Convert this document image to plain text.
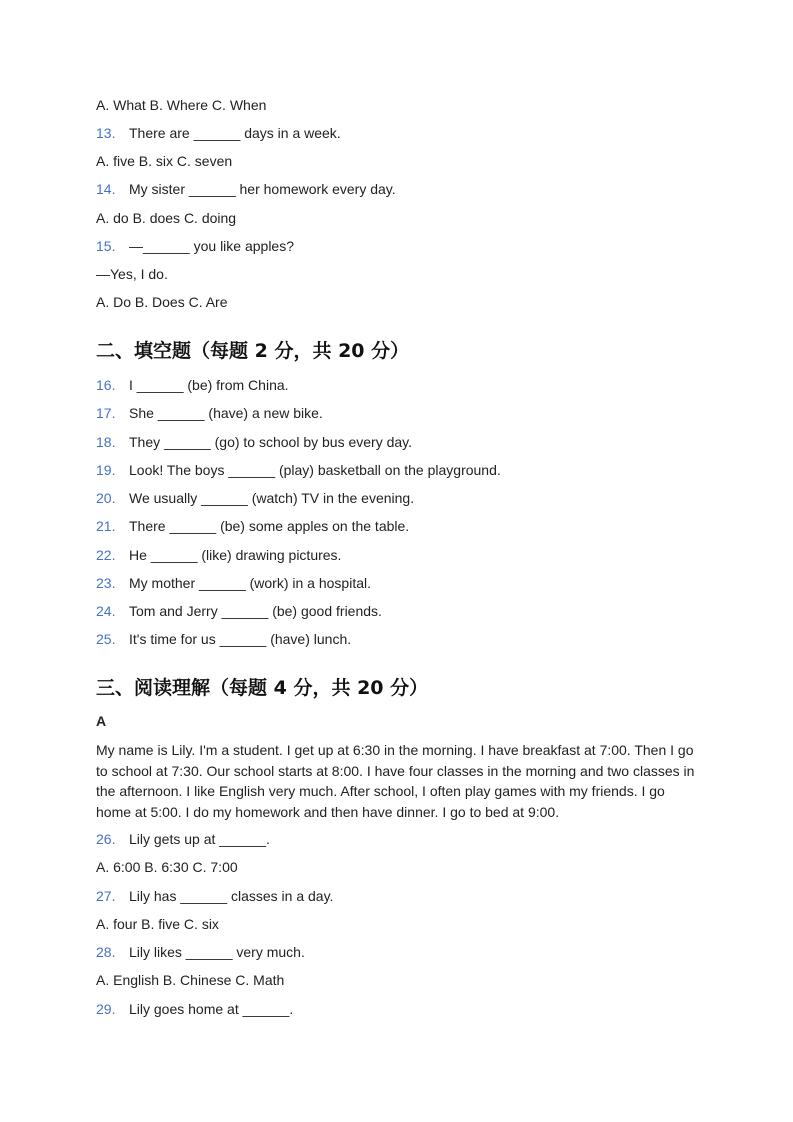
A. What B. Where C. When
13. There are ______ days in a week.
A. five B. six C. seven
14. My sister ______ her homework every day.
A. do B. does C. doing
15. —______ you like apples?
—Yes, I do.
A. Do B. Does C. Are
二、填空题（每题 2 分，共 20 分）
16. I ______ (be) from China.
17. She ______ (have) a new bike.
18. They ______ (go) to school by bus every day.
19. Look! The boys ______ (play) basketball on the playground.
20. We usually ______ (watch) TV in the evening.
21. There ______ (be) some apples on the table.
22. He ______ (like) drawing pictures.
23. My mother ______ (work) in a hospital.
24. Tom and Jerry ______ (be) good friends.
25. It's time for us ______ (have) lunch.
三、阅读理解（每题 4 分，共 20 分）
A
My name is Lily. I'm a student. I get up at 6:30 in the morning. I have breakfast at 7:00. Then I go to school at 7:30. Our school starts at 8:00. I have four classes in the morning and two classes in the afternoon. I like English very much. After school, I often play games with my friends. I go home at 5:00. I do my homework and then have dinner. I go to bed at 9:00.
26. Lily gets up at ______.
A. 6:00 B. 6:30 C. 7:00
27. Lily has ______ classes in a day.
A. four B. five C. six
28. Lily likes ______ very much.
A. English B. Chinese C. Math
29. Lily goes home at ______.
